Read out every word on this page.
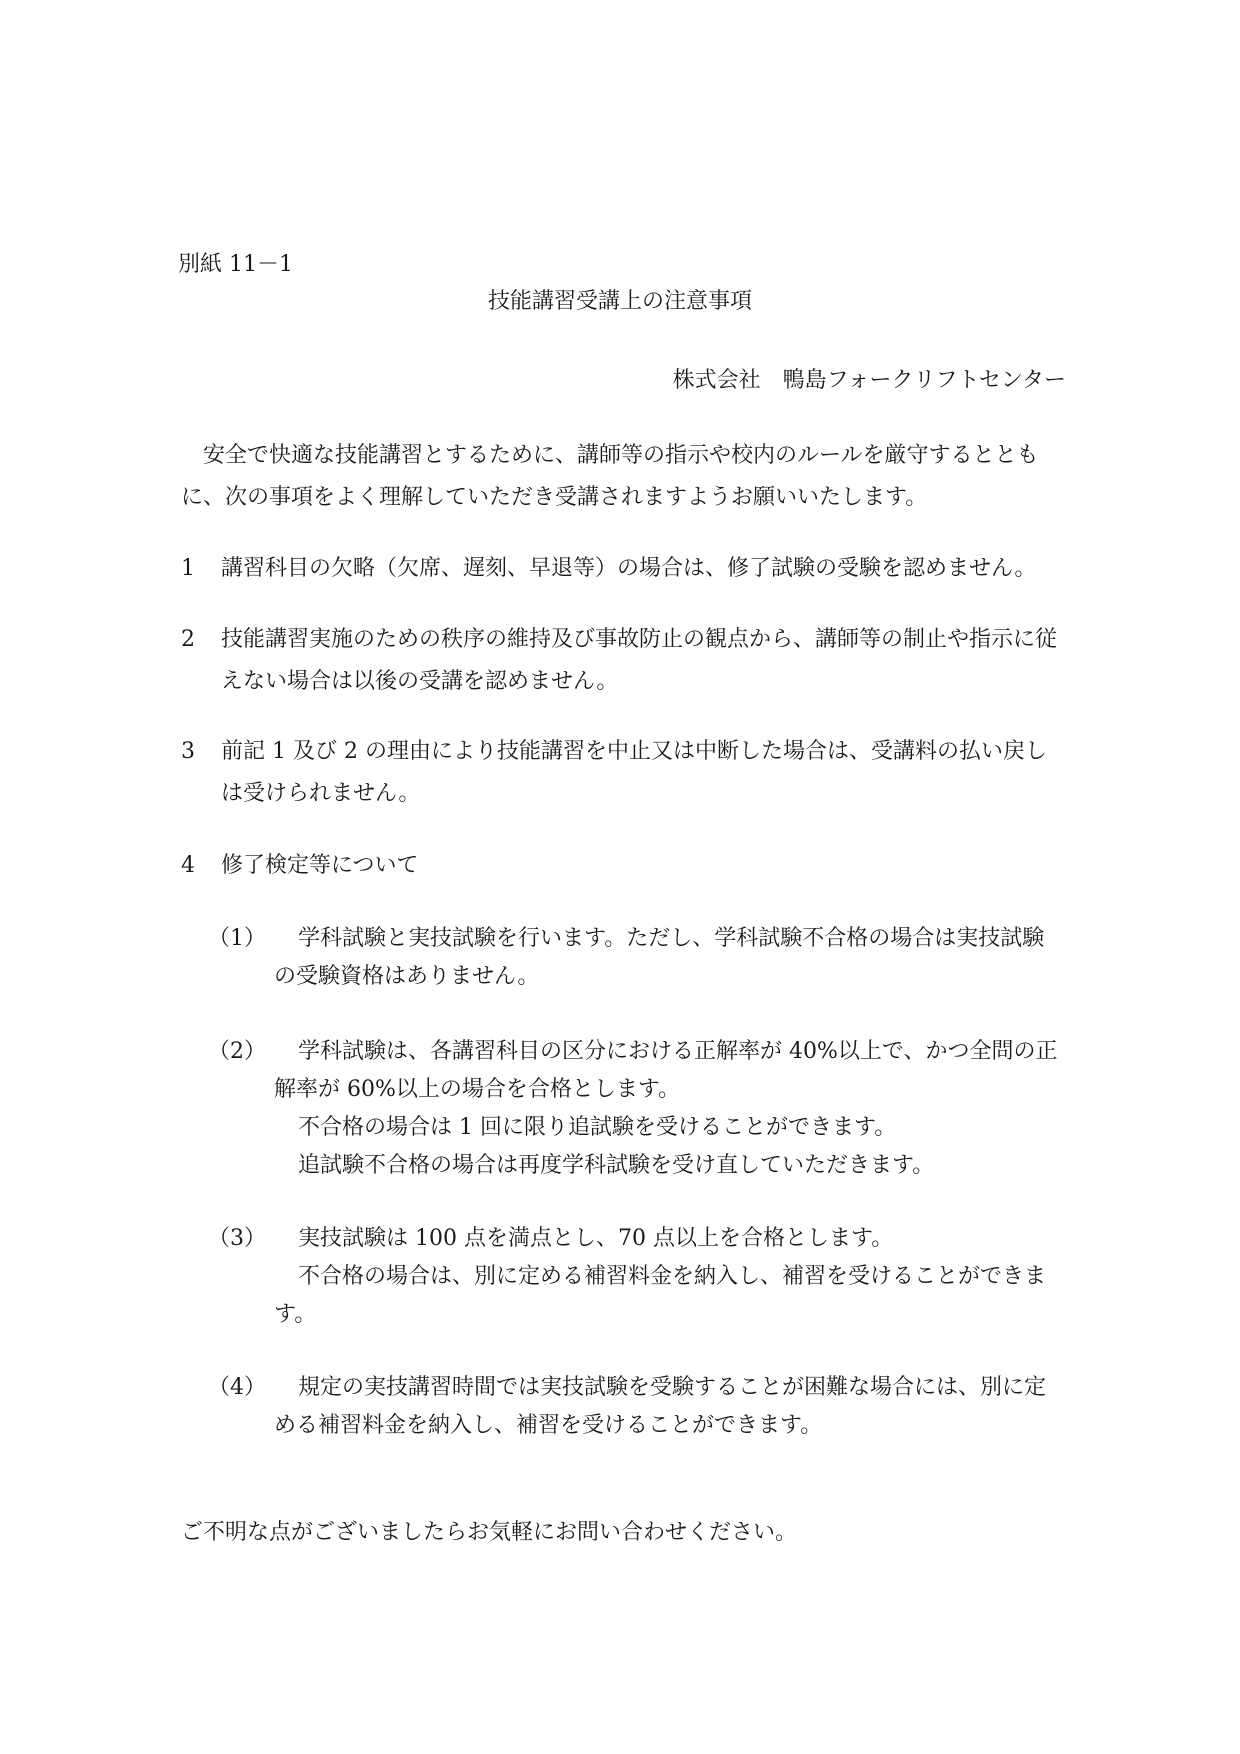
別紙 11－1
技能講習受講上の注意事項
株式会社　鴨島フォークリフトセンター
安全で快適な技能講習とするために、講師等の指示や校内のルールを厳守するとともに、次の事項をよく理解していただき受講されますようお願いいたします。
1	講習科目の欠略（欠席、遅刻、早退等）の場合は、修了試験の受験を認めません。
2	技能講習実施のための秩序の維持及び事故防止の観点から、講師等の制止や指示に従えない場合は以後の受講を認めません。
3	前記 1 及び 2 の理由により技能講習を中止又は中断した場合は、受講料の払い戻しは受けられません。
4	修了検定等について
（1）	学科試験と実技試験を行います。ただし、学科試験不合格の場合は実技試験の受験資格はありません。
（2）	学科試験は、各講習科目の区分における正解率が 40%以上で、かつ全問の正解率が 60%以上の場合を合格とします。
不合格の場合は 1 回に限り追試験を受けることができます。
追試験不合格の場合は再度学科試験を受け直していただきます。
（3）	実技試験は 100 点を満点とし、70 点以上を合格とします。
不合格の場合は、別に定める補習料金を納入し、補習を受けることができます。
（4）	規定の実技講習時間では実技試験を受験することが困難な場合には、別に定める補習料金を納入し、補習を受けることができます。
ご不明な点がございましたらお気軽にお問い合わせください。
